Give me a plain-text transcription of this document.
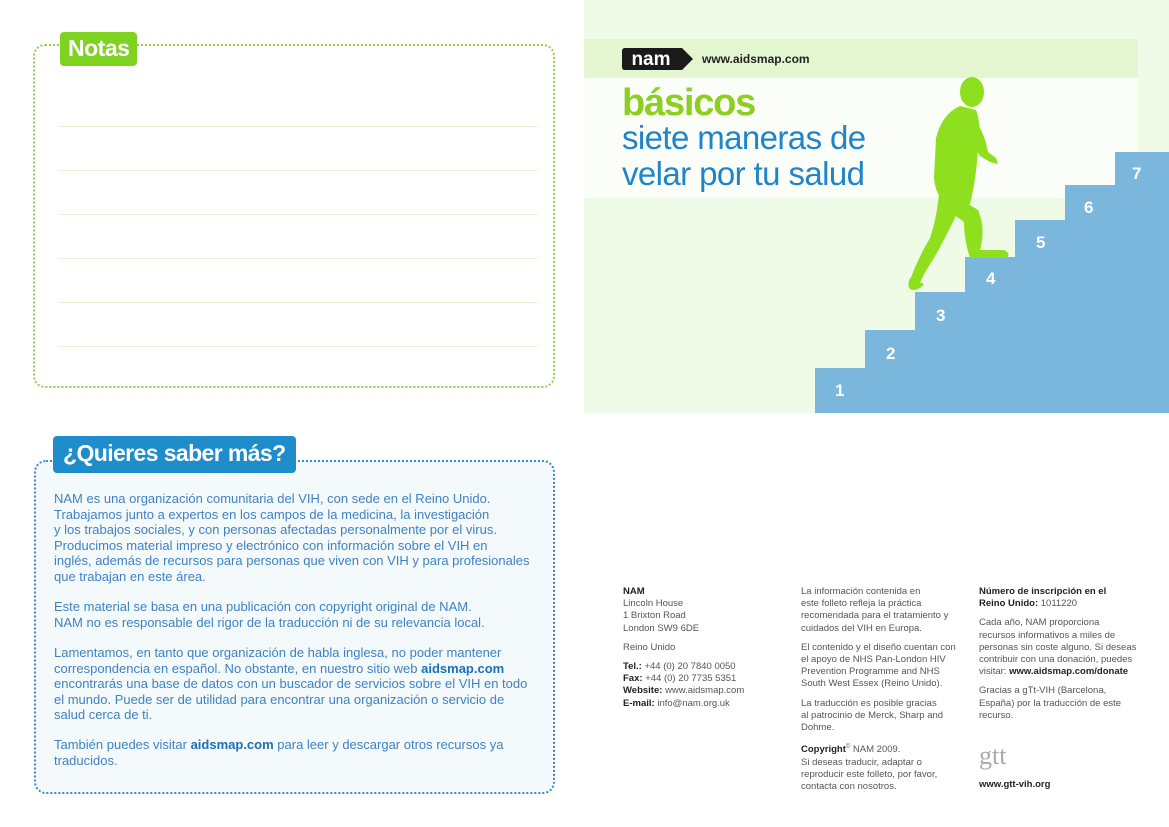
Notas
¿Quieres saber más?
NAM es una organización comunitaria del VIH, con sede en el Reino Unido.
Trabajamos junto a expertos en los campos de la medicina, la investigación
y los trabajos sociales, y con personas afectadas personalmente por el virus.
Producimos material impreso y electrónico con información sobre el VIH en
inglés, además de recursos para personas que viven con VIH y para profesionales
que trabajan en este área.
Este material se basa en una publicación con copyright original de NAM.
NAM no es responsable del rigor de la traducción ni de su relevancia local.
Lamentamos, en tanto que organización de habla inglesa, no poder mantener
correspondencia en español. No obstante, en nuestro sitio web aidsmap.com
encontrarás una base de datos con un buscador de servicios sobre el VIH en todo
el mundo. Puede ser de utilidad para encontrar una organización o servicio de
salud cerca de ti.
También puedes visitar aidsmap.com para leer y descargar otros recursos ya
traducidos.
nam	www.aidsmap.com
básicos
siete maneras de
velar por tu salud
1
2
3
4
5
6
7

NAM
Lincoln House
1 Brixton Road
London SW9 6DE

Reino Unido

Tel.: +44 (0) 20 7840 0050
Fax: +44 (0) 20 7735 5351
Website: www.aidsmap.com
E-mail: info@nam.org.uk

La información contenida en
este folleto refleja la práctica
recomendada para el tratamiento y
cuidados del VIH en Europa.

El contenido y el diseño cuentan con
el apoyo de NHS Pan-London HIV
Prevention Programme and NHS
South West Essex (Reino Unido).

La traducción es posible gracias
al patrocinio de Merck, Sharp and
Dohme.

Copyright© NAM 2009.
Si deseas traducir, adaptar o
reproducir este folleto, por favor,
contacta con nosotros.

Número de inscripción en el
Reino Unido: 1011220

Cada año, NAM proporciona
recursos informativos a miles de
personas sin coste alguno. Si deseas
contribuir con una donación, puedes
visitar: www.aidsmap.com/donate

Gracias a gTt-VIH (Barcelona,
España) por la traducción de este
recurso.

gtt
www.gtt-vih.org
